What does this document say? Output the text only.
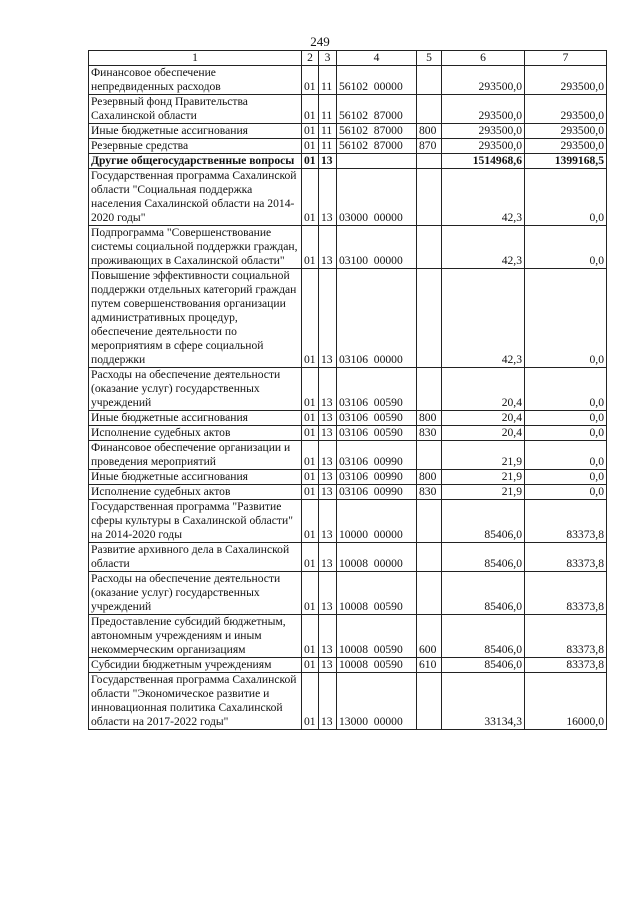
249
1	2	3	4	5	6	7
Финансовое обеспечение непредвиденных расходов	01	11	56102  00000		293500,0	293500,0
Резервный фонд Правительства Сахалинской области	01	11	56102  87000		293500,0	293500,0
Иные бюджетные ассигнования	01	11	56102  87000	800	293500,0	293500,0
Резервные средства	01	11	56102  87000	870	293500,0	293500,0
Другие общегосударственные вопросы	01	13			1514968,6	1399168,5
Государственная программа Сахалинской области "Социальная поддержка населения Сахалинской области на 2014-2020 годы"	01	13	03000  00000		42,3	0,0
Подпрограмма "Совершенствование системы социальной поддержки граждан, проживающих в Сахалинской области"	01	13	03100  00000		42,3	0,0
Повышение эффективности социальной поддержки отдельных категорий граждан путем совершенствования организации административных процедур, обеспечение деятельности по мероприятиям в сфере социальной поддержки	01	13	03106  00000		42,3	0,0
Расходы на обеспечение деятельности (оказание услуг) государственных учреждений	01	13	03106  00590		20,4	0,0
Иные бюджетные ассигнования	01	13	03106  00590	800	20,4	0,0
Исполнение судебных актов	01	13	03106  00590	830	20,4	0,0
Финансовое обеспечение организации и проведения мероприятий	01	13	03106  00990		21,9	0,0
Иные бюджетные ассигнования	01	13	03106  00990	800	21,9	0,0
Исполнение судебных актов	01	13	03106  00990	830	21,9	0,0
Государственная программа "Развитие сферы культуры в Сахалинской области" на 2014-2020 годы	01	13	10000  00000		85406,0	83373,8
Развитие архивного дела в Сахалинской области	01	13	10008  00000		85406,0	83373,8
Расходы на обеспечение деятельности (оказание услуг) государственных учреждений	01	13	10008  00590		85406,0	83373,8
Предоставление субсидий бюджетным, автономным учреждениям и иным некоммерческим организациям	01	13	10008  00590	600	85406,0	83373,8
Субсидии бюджетным учреждениям	01	13	10008  00590	610	85406,0	83373,8
Государственная программа Сахалинской области "Экономическое развитие и инновационная политика Сахалинской области на 2017-2022 годы"	01	13	13000  00000		33134,3	16000,0
